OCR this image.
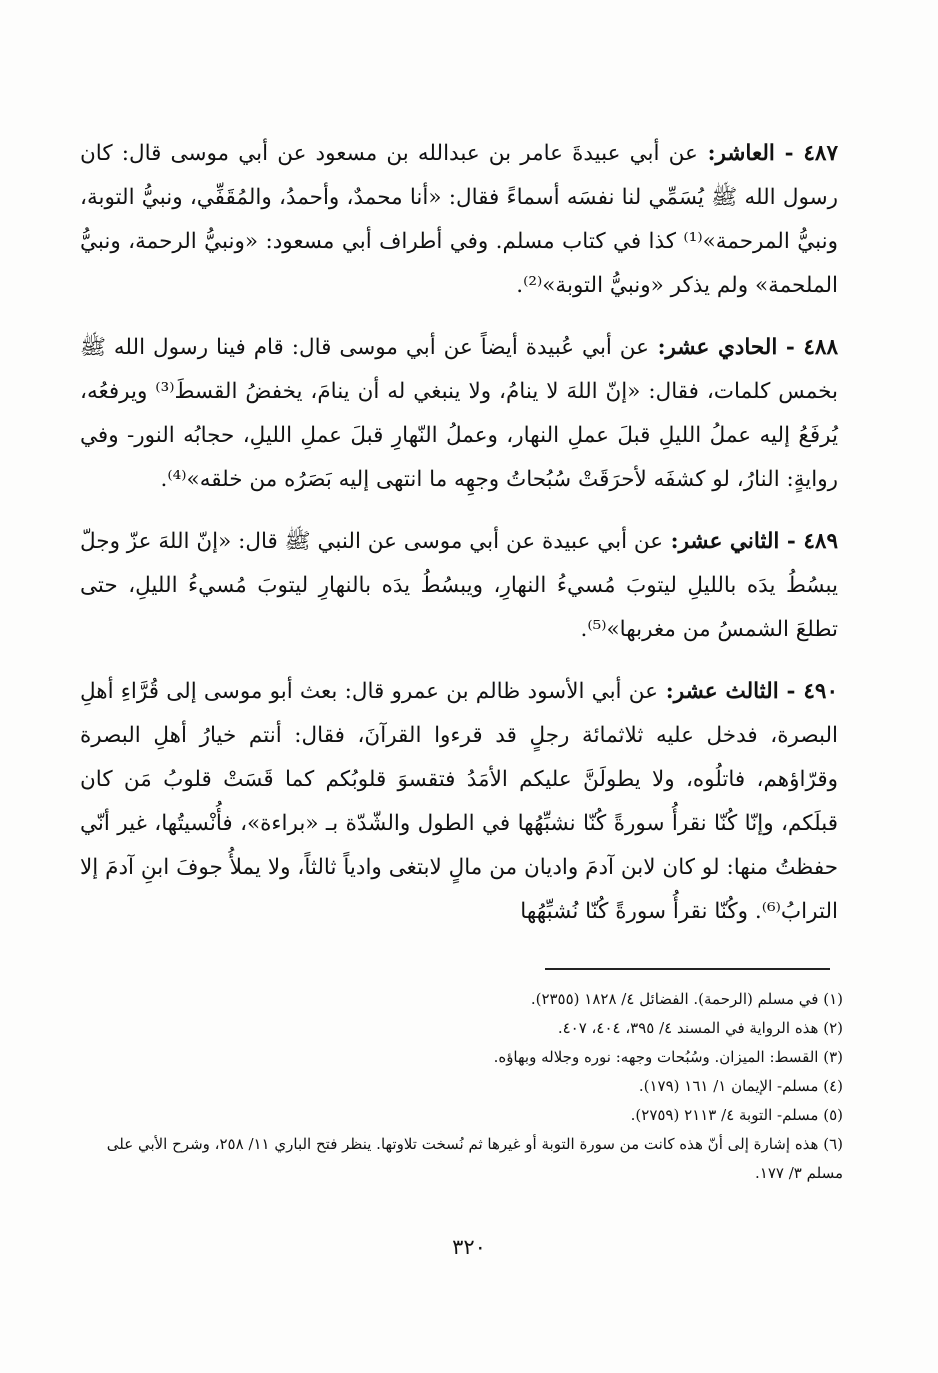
٤٨٧ - العاشر: عن أبي عبيدةَ عامر بن عبدالله بن مسعود عن أبي موسى قال: كان رسول الله ﷺ يُسَمِّي لنا نفسَه أسماءً فقال: «أنا محمدٌ، وأحمدُ، والمُقَفِّي، ونبيُّ التوبة، ونبيُّ المرحمة»⁽¹⁾ كذا في كتاب مسلم. وفي أطراف أبي مسعود: «ونبيُّ الرحمة، ونبيُّ الملحمة» ولم يذكر «ونبيُّ التوبة»⁽²⁾.

٤٨٨ - الحادي عشر: عن أبي عُبيدة أيضاً عن أبي موسى قال: قام فينا رسول الله ﷺ بخمس كلمات، فقال: «إنّ اللهَ لا ينامُ، ولا ينبغي له أن ينامَ، يخفضُ القسطَ⁽³⁾ ويرفعُه، يُرفَعُ إليه عملُ الليلِ قبلَ عملِ النهار، وعملُ النّهارِ قبلَ عملِ الليلِ، حجابُه النور- وفي روايةٍ: النارُ، لو كشفَه لأحرَقَتْ سُبُحاتُ وجهِه ما انتهى إليه بَصَرُه من خلقه»⁽⁴⁾.

٤٨٩ - الثاني عشر: عن أبي عبيدة عن أبي موسى عن النبي ﷺ قال: «إنّ اللهَ عزّ وجلّ يبسُطُ يدَه بالليلِ ليتوبَ مُسيءُ النهارِ، ويبسُطُ يدَه بالنهارِ ليتوبَ مُسيءُ الليلِ، حتى تطلعَ الشمسُ من مغربها»⁽⁵⁾.

٤٩٠ - الثالث عشر: عن أبي الأسود ظالم بن عمرو قال: بعث أبو موسى إلى قُرَّاءِ أهلِ البصرة، فدخل عليه ثلاثمائة رجلٍ قد قرءوا القرآنَ، فقال: أنتم خيارُ أهلِ البصرة وقرّاؤهم، فاتلُوه، ولا يطولَنَّ عليكم الأمَدُ فتقسوَ قلوبُكم كما قَسَتْ قلوبُ مَن كان قبلَكم، وإنّا كُنّا نقرأُ سورةً كُنّا نشبِّهُها في الطول والشّدّة بـ «براءة»، فأُنْسيتُها، غير أنّي حفظتُ منها: لو كان لابن آدمَ واديان من مالٍ لابتغى وادياً ثالثاً، ولا يملأُ جوفَ ابنِ آدمَ إلا الترابُ⁽⁶⁾. وكُنّا نقرأُ سورةً كُنّا نُشبِّهُها

(١) في مسلم (الرحمة). الفضائل ٤/ ١٨٢٨ (٢٣٥٥).

(٢) هذه الرواية في المسند ٤/ ٣٩٥، ٤٠٤، ٤٠٧.

(٣) القسط: الميزان. وسُبُحات وجهه: نوره وجلاله وبهاؤه.

(٤) مسلم- الإيمان ١/ ١٦١ (١٧٩).

(٥) مسلم- التوبة ٤/ ٢١١٣ (٢٧٥٩).

(٦) هذه إشارة إلى أنّ هذه كانت من سورة التوبة أو غيرها ثم نُسخت تلاوتها. ينظر فتح الباري ١١/ ٢٥٨، وشرح الأبي على مسلم ٣/ ١٧٧.

٣٢٠
